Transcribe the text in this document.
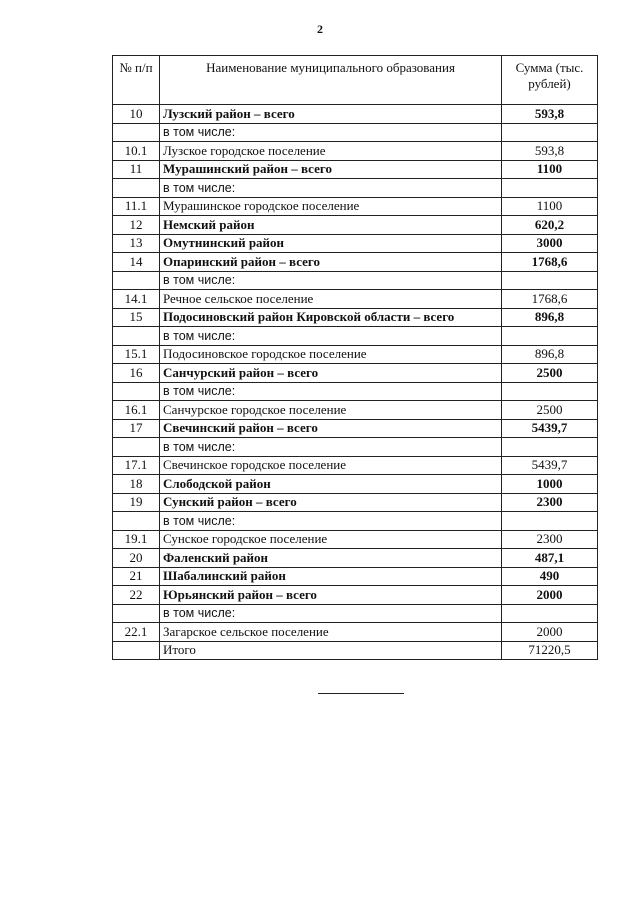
2
№ п/п	Наименование муниципального образования	Сумма (тыс. рублей)
10	Лузский район – всего	593,8
	в том числе:	
10.1	Лузское городское поселение	593,8
11	Мурашинский район – всего	1100
	в том числе:	
11.1	Мурашинское городское поселение	1100
12	Немский район	620,2
13	Омутнинский район	3000
14	Опаринский район – всего	1768,6
	в том числе:	
14.1	Речное сельское поселение	1768,6
15	Подосиновский район Кировской области – всего	896,8
	в том числе:	
15.1	Подосиновское городское поселение	896,8
16	Санчурский район – всего	2500
	в том числе:	
16.1	Санчурское городское поселение	2500
17	Свечинский район – всего	5439,7
	в том числе:	
17.1	Свечинское городское поселение	5439,7
18	Слободской район	1000
19	Сунский район – всего	2300
	в том числе:	
19.1	Сунское городское поселение	2300
20	Фаленский район	487,1
21	Шабалинский район	490
22	Юрьянский район – всего	2000
	в том числе:	
22.1	Загарское сельское поселение	2000
	Итого	71220,5
